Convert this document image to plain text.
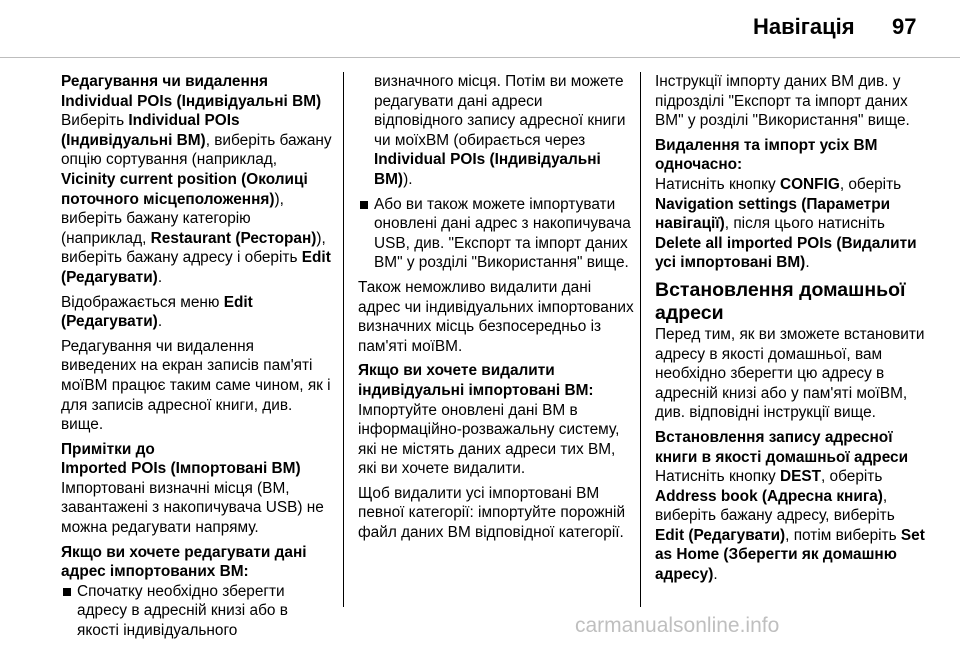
Навігація 97

Редагування чи видалення
Individual POIs (Індивідуальні BM)

Виберіть Individual POIs (Індивідуальні BM), виберіть бажану опцію сортування (наприклад, Vicinity current position (Околиці поточного місцеположення)), виберіть бажану категорію (наприклад, Restaurant (Ресторан)), виберіть бажану адресу і оберіть Edit (Редагувати).

Відображається меню Edit (Редагувати).

Редагування чи видалення виведених на екран записів пам'яті моїBM працює таким саме чином, як і для записів адресної книги, див. вище.

Примітки до
Imported POIs (Імпортовані BM)

Імпортовані визначні місця (BM, завантажені з накопичувача USB) не можна редагувати напряму.

Якщо ви хочете редагувати дані адрес імпортованих BM:

Спочатку необхідно зберегти адресу в адресній книзі або в якості індивідуального

визначного місця. Потім ви можете редагувати дані адреси відповідного запису адресної книги чи моїхBM (обирається через Individual POIs (Індивідуальні BM)).

Або ви також можете імпортувати оновлені дані адрес з накопичувача USB, див. "Експорт та імпорт даних BM" у розділі "Використання" вище.

Також неможливо видалити дані адрес чи індивідуальних імпортованих визначних місць безпосередньо із пам'яті моїBM.

Якщо ви хочете видалити індивідуальні імпортовані BM:

Імпортуйте оновлені дані BM в інформаційно-розважальну систему, які не містять даних адреси тих BM, які ви хочете видалити.

Щоб видалити усі імпортовані BM певної категорії: імпортуйте порожній файл даних BM відповідної категорії.

Інструкції імпорту даних BM див. у підрозділі "Експорт та імпорт даних BM" у розділі "Використання" вище.

Видалення та імпорт усіх BM одночасно:

Натисніть кнопку CONFIG, оберіть Navigation settings (Параметри навігації), після цього натисніть Delete all imported POIs (Видалити усі імпортовані BM).

Встановлення домашньої адреси

Перед тим, як ви зможете встановити адресу в якості домашньої, вам необхідно зберегти цю адресу в адресній книзі або у пам'яті моїBM, див. відповідні інструкції вище.

Встановлення запису адресної книги в якості домашньої адреси

Натисніть кнопку DEST, оберіть Address book (Адресна книга), виберіть бажану адресу, виберіть Edit (Редагувати), потім виберіть Set as Home (Зберегти як домашню адресу).

carmanualsonline.info
